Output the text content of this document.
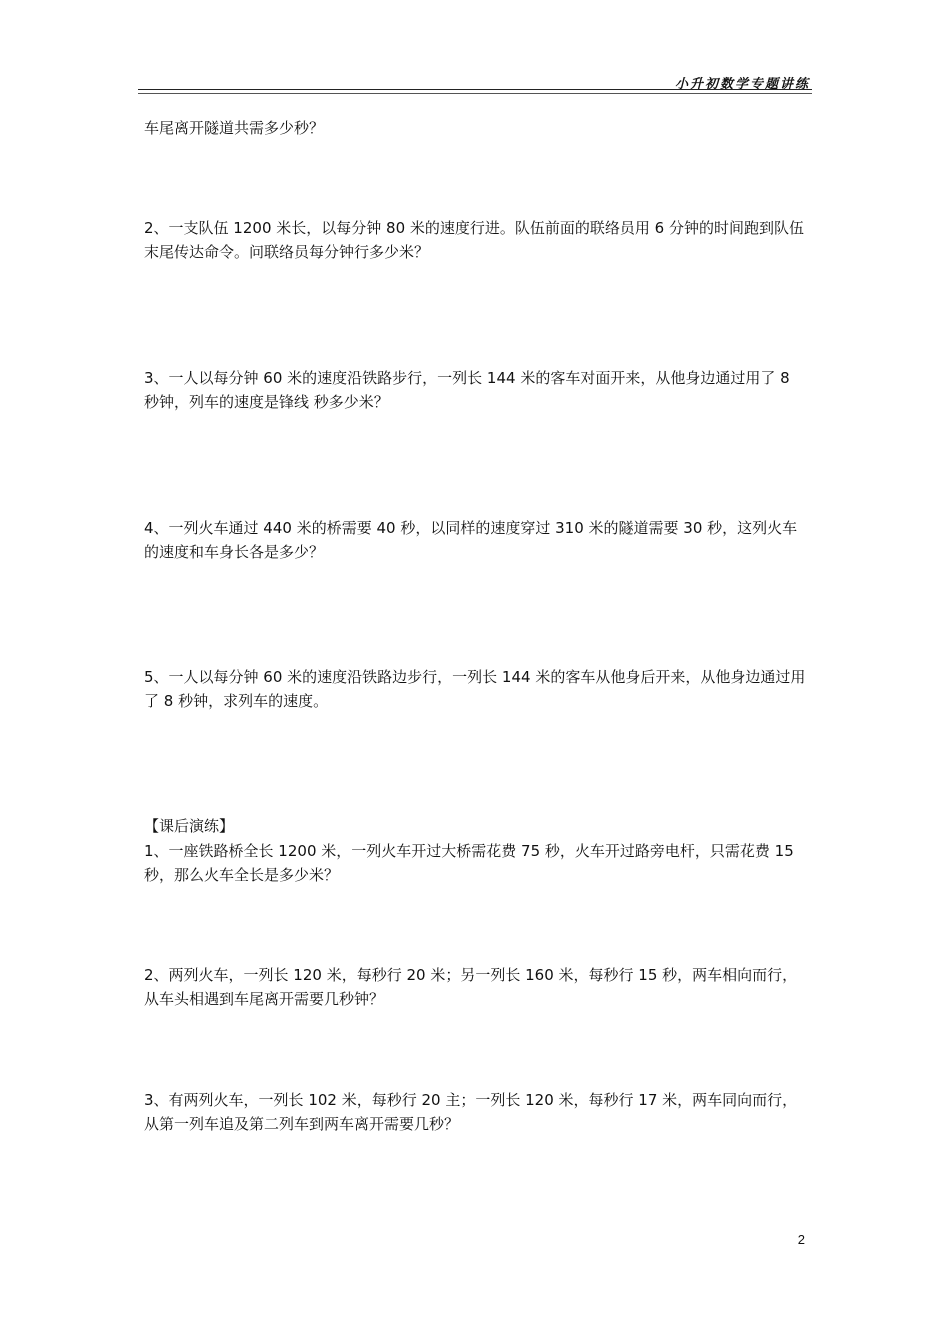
小升初数学专题讲练

车尾离开隧道共需多少秒？

2、一支队伍 1200 米长，以每分钟 80 米的速度行进。队伍前面的联络员用 6 分钟的时间跑到队伍末尾传达命令。问联络员每分钟行多少米？

3、一人以每分钟 60 米的速度沿铁路步行，一列长 144 米的客车对面开来，从他身边通过用了 8 秒钟，列车的速度是锋线 秒多少米？

4、一列火车通过 440 米的桥需要 40 秒，以同样的速度穿过 310 米的隧道需要 30 秒，这列火车的速度和车身长各是多少？

5、一人以每分钟 60 米的速度沿铁路边步行，一列长 144 米的客车从他身后开来，从他身边通过用了 8 秒钟，求列车的速度。

【课后演练】

1、一座铁路桥全长 1200 米，一列火车开过大桥需花费 75 秒，火车开过路旁电杆，只需花费 15 秒，那么火车全长是多少米？

2、两列火车，一列长 120 米，每秒行 20 米；另一列长 160 米，每秒行 15 秒，两车相向而行，从车头相遇到车尾离开需要几秒钟？

3、有两列火车，一列长 102 米，每秒行 20 主；一列长 120 米，每秒行 17 米，两车同向而行，从第一列车追及第二列车到两车离开需要几秒？

2
